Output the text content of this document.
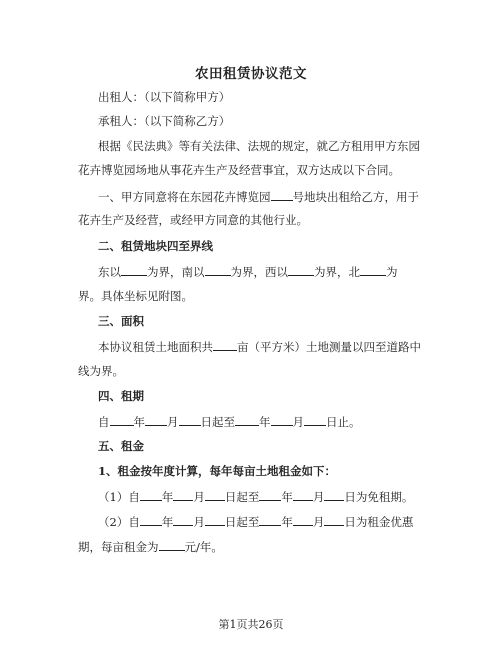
农田租赁协议范文
出租人：（以下简称甲方）
承租人：（以下简称乙方）
根据《民法典》等有关法律、法规的规定，就乙方租用甲方东园
花卉博览园场地从事花卉生产及经营事宜，双方达成以下合同。
一、甲方同意将在东园花卉博览园 号地块出租给乙方，用于
花卉生产及经营，或经甲方同意的其他行业。
二、租赁地块四至界线
东以 为界，南以 为界，西以 为界，北 为
界。具体坐标见附图。
三、面积
本协议租赁土地面积共 亩（平方米）土地测量以四至道路中
线为界。
四、租期
自 年 月 日起至 年 月 日止。
五、租金
1、租金按年度计算，每年每亩土地租金如下：
（1）自 年 月 日起至 年 月 日为免租期。
（2）自 年 月 日起至 年 月 日为租金优惠
期，每亩租金为 元/年。
第1页共26页
